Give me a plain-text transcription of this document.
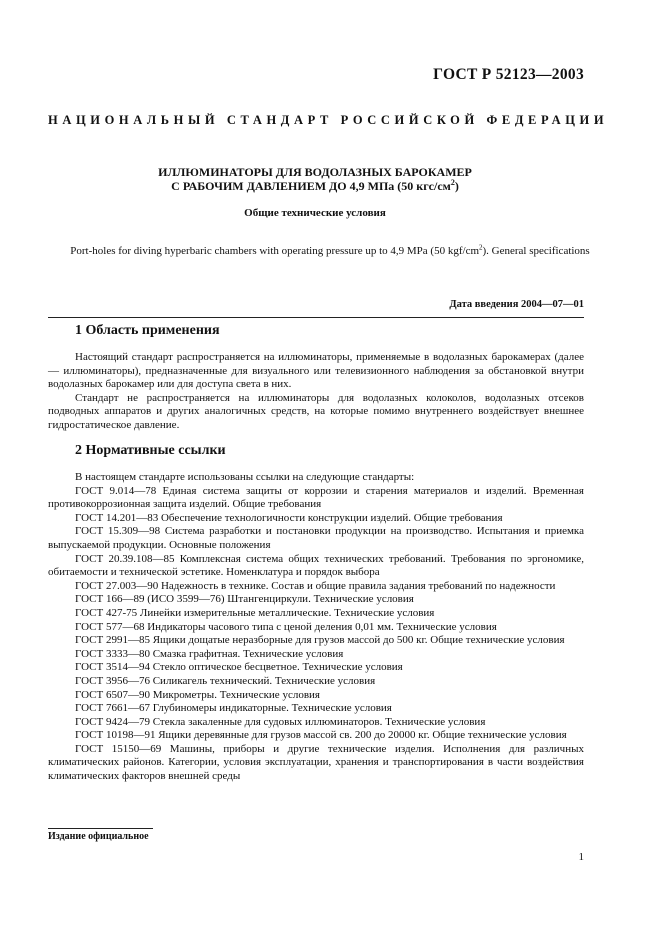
ГОСТ Р 52123—2003
НАЦИОНАЛЬНЫЙ СТАНДАРТ РОССИЙСКОЙ ФЕДЕРАЦИИ
ИЛЛЮМИНАТОРЫ ДЛЯ ВОДОЛАЗНЫХ БАРОКАМЕР
С РАБОЧИМ ДАВЛЕНИЕМ ДО 4,9 МПа (50 кгс/$см^2$)
Общие технические условия
Port-holes for diving hyperbaric chambers with operating pressure up to 4,9 MPa (50 kgf/$cm^2$). General specifications
Дата введения 2004—07—01
1 Область применения

Настоящий стандарт распространяется на иллюминаторы, применяемые в водолазных барокамерах (далее — иллюминаторы), предназначенные для визуального или телевизионного наблюдения за обстановкой внутри водолазных барокамер или для доступа света в них.

Стандарт не распространяется на иллюминаторы для водолазных колоколов, водолазных отсеков подводных аппаратов и других аналогичных средств, на которые помимо внутреннего воздействует внешнее гидростатическое давление.

2 Нормативные ссылки

В настоящем стандарте использованы ссылки на следующие стандарты:

ГОСТ 9.014—78 Единая система защиты от коррозии и старения материалов и изделий. Временная противокоррозионная защита изделий. Общие требования

ГОСТ 14.201—83 Обеспечение технологичности конструкции изделий. Общие требования

ГОСТ 15.309—98 Система разработки и постановки продукции на производство. Испытания и приемка выпускаемой продукции. Основные положения

ГОСТ 20.39.108—85 Комплексная система общих технических требований. Требования по эргономике, обитаемости и технической эстетике. Номенклатура и порядок выбора

ГОСТ 27.003—90 Надежность в технике. Состав и общие правила задания требований по надежности

ГОСТ 166—89 (ИСО 3599—76) Штангенциркули. Технические условия

ГОСТ 427-75 Линейки измерительные металлические. Технические условия

ГОСТ 577—68 Индикаторы часового типа с ценой деления 0,01 мм. Технические условия

ГОСТ 2991—85 Ящики дощатые неразборные для грузов массой до 500 кг. Общие технические условия

ГОСТ 3333—80 Смазка графитная. Технические условия

ГОСТ 3514—94 Стекло оптическое бесцветное. Технические условия

ГОСТ 3956—76 Силикагель технический. Технические условия

ГОСТ 6507—90 Микрометры. Технические условия

ГОСТ 7661—67 Глубиномеры индикаторные. Технические условия

ГОСТ 9424—79 Стекла закаленные для судовых иллюминаторов. Технические условия

ГОСТ 10198—91 Ящики деревянные для грузов массой св. 200 до 20000 кг. Общие технические условия

ГОСТ 15150—69 Машины, приборы и другие технические изделия. Исполнения для различных климатических районов. Категории, условия эксплуатации, хранения и транспортирования в части воздействия климатических факторов внешней среды

Издание официальное
1
